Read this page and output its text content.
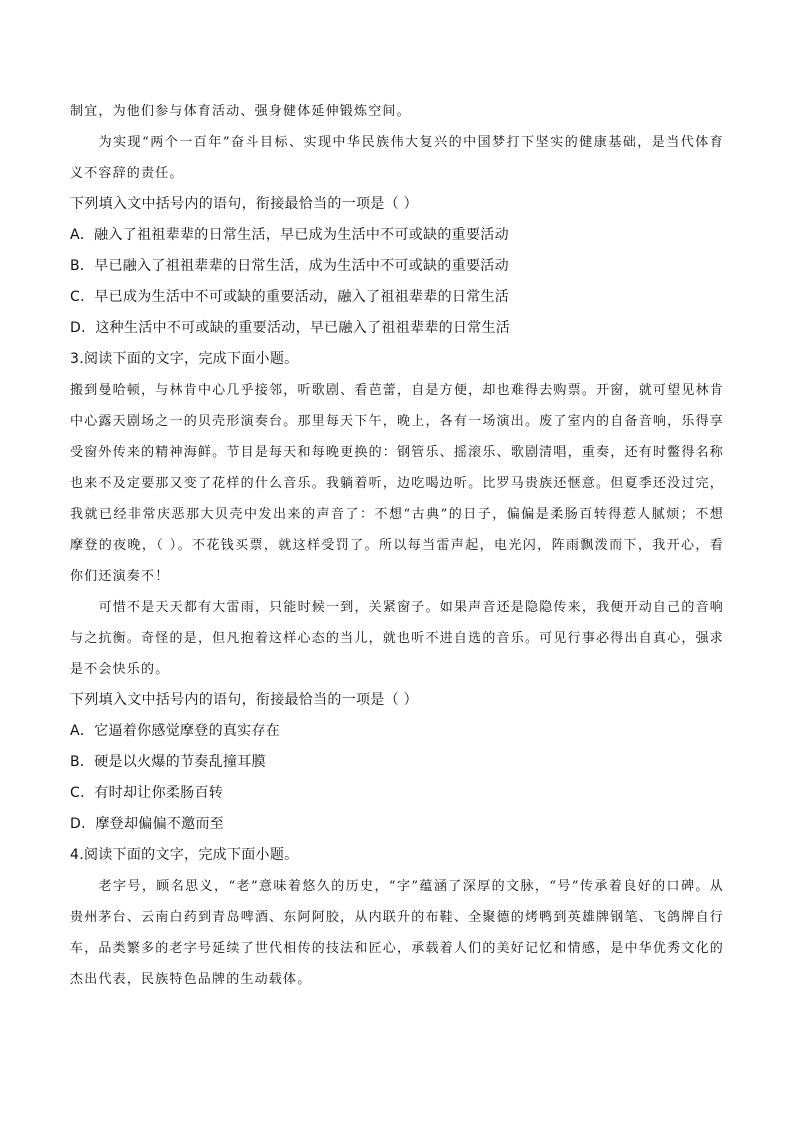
制宜，为他们参与体育活动、强身健体延伸锻炼空间。

为实现“两个一百年”奋斗目标、实现中华民族伟大复兴的中国梦打下坚实的健康基础，是当代体育义不容辞的责任。

下列填入文中括号内的语句，衔接最恰当的一项是（ ）

A．融入了祖祖辈辈的日常生活，早已成为生活中不可或缺的重要活动

B．早已融入了祖祖辈辈的日常生活，成为生活中不可或缺的重要活动

C．早已成为生活中不可或缺的重要活动，融入了祖祖辈辈的日常生活

D．这种生活中不可或缺的重要活动，早已融入了祖祖辈辈的日常生活

3.阅读下面的文字，完成下面小题。

搬到曼哈顿，与林肯中心几乎接邻，听歌剧、看芭蕾，自是方便，却也难得去购票。开窗，就可望见林肯中心露天剧场之一的贝壳形演奏台。那里每天下午，晚上，各有一场演出。废了室内的自备音响，乐得享受窗外传来的精神海鲜。节目是每天和每晚更换的：钢管乐、摇滚乐、歌剧清唱，重奏，还有时鳖得名称也来不及定要那又变了花样的什么音乐。我躺着听，边吃喝边听。比罗马贵族还惬意。但夏季还没过完，我就已经非常庆恶那大贝壳中发出来的声音了：不想“古典”的日子，偏偏是柔肠百转得惹人腻烦；不想摩登的夜晚，（ ）。不花钱买票，就这样受罚了。所以每当雷声起，电光闪，阵雨飘泼而下，我开心，看你们还演奏不！

可惜不是天天都有大雷雨，只能时候一到，关紧窗子。如果声音还是隐隐传来，我便开动自己的音响与之抗衡。奇怪的是，但凡抱着这样心态的当儿，就也听不进自选的音乐。可见行事必得出自真心，强求是不会快乐的。

下列填入文中括号内的语句，衔接最恰当的一项是（ ）

A．它逼着你感觉摩登的真实存在

B．硬是以火爆的节奏乱撞耳膜

C．有时却让你柔肠百转

D．摩登却偏偏不邀而至

4.阅读下面的文字，完成下面小题。

老字号，顾名思义，“老”意味着悠久的历史，“字”蕴涵了深厚的文脉，“号”传承着良好的口碑。从贵州茅台、云南白药到青岛啤酒、东阿阿胶，从内联升的布鞋、全聚德的烤鸭到英雄牌钢笔、飞鸽牌自行车，品类繁多的老字号延续了世代相传的技法和匠心，承载着人们的美好记忆和情感，是中华优秀文化的杰出代表，民族特色品牌的生动载体。
